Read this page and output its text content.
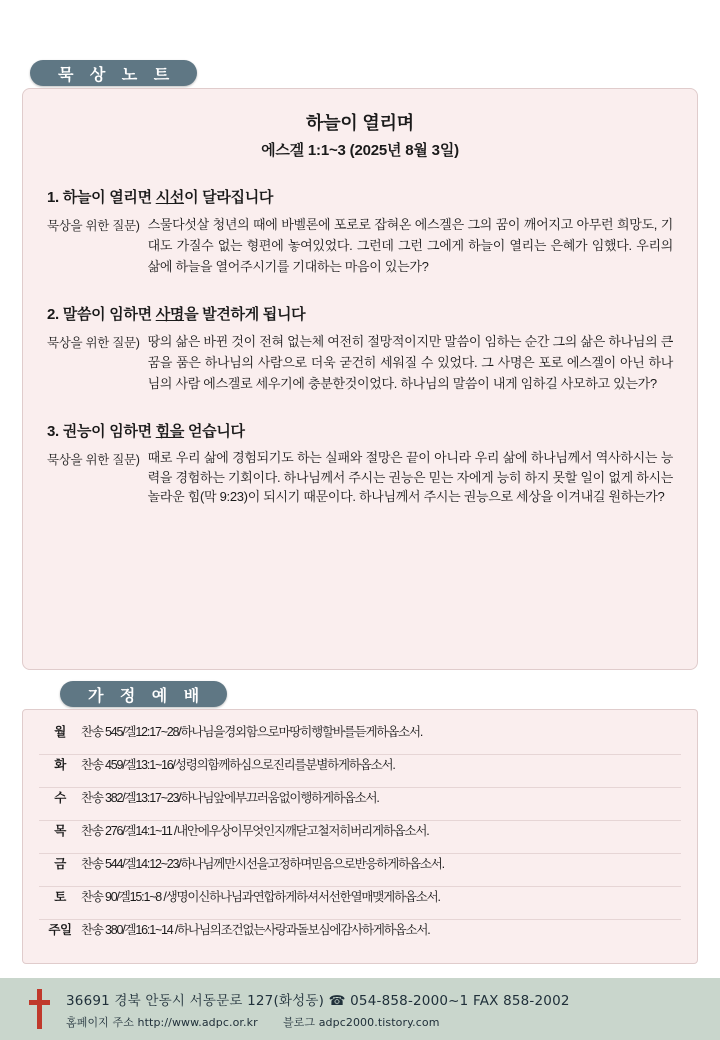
묵 상 노 트
하늘이 열리며
에스겔 1:1~3 (2025년 8월 3일)
1. 하늘이 열리면 시선이 달라집니다
묵상을 위한 질문) 스물다섯살 청년의 때에 바벨론에 포로로 잡혀온 에스겔은 그의 꿈이 깨어지고 아무런 희망도, 기대도 가질수 없는 형편에 놓여있었다. 그런데 그런 그에게 하늘이 열리는 은혜가 임했다. 우리의 삶에 하늘을 열어주시기를 기대하는 마음이 있는가?
2. 말씀이 임하면 사명을 발견하게 됩니다
묵상을 위한 질문) 땅의 삶은 바뀐 것이 전혀 없는체 여전히 절망적이지만 말씀이 임하는 순간 그의 삶은 하나님의 큰 꿈을 품은 하나님의 사람으로 더욱 굳건히 세워질 수 있었다. 그 사명은 포로 에스겔이 아닌 하나님의 사람 에스겔로 세우기에 충분한것이었다. 하나님의 말씀이 내게 임하길 사모하고 있는가?
3. 권능이 임하면 힘을 얻습니다
묵상을 위한 질문) 때로 우리 삶에 경험되기도 하는 실패와 절망은 끝이 아니라 우리 삶에 하나님께서 역사하시는 능력을 경험하는 기회이다. 하나님께서 주시는 권능은 믿는 자에게 능히 하지 못할 일이 없게 하시는 놀라운 힘(막 9:23)이 되시기 때문이다. 하나님께서 주시는 권능으로 세상을 이겨내길 원하는가?
가 정 예 배
월	찬송 545/겔12:17~28/하나님을경외함으로마땅히행할바를듣게하옵소서.
화	찬송 459/겔13:1~16/성령의함께하심으로진리를분별하게하옵소서.
수	찬송 382/겔13:17~23/하나님앞에부끄러움없이행하게하옵소서.
목	찬송 276/겔14:1~11 /내안에우상이무엇인지깨닫고철저히버리게하옵소서.
금	찬송 544/겔14:12~23/하나님께만시선을고정하며믿음으로반응하게하옵소서.
토	찬송 90/겔15:1~8 /생명이신하나님과연합하게하셔서선한열매맺게하옵소서.
주일 찬송 380/겔16:1~14 /하나님의조건없는사랑과돌보심에감사하게하옵소서.
36691 경북 안동시 서동문로 127(화성동) ☎ 054-858-2000~1 FAX 858-2002
홈페이지 주소 http://www.adpc.or.kr 블로그 adpc2000.tistory.com
